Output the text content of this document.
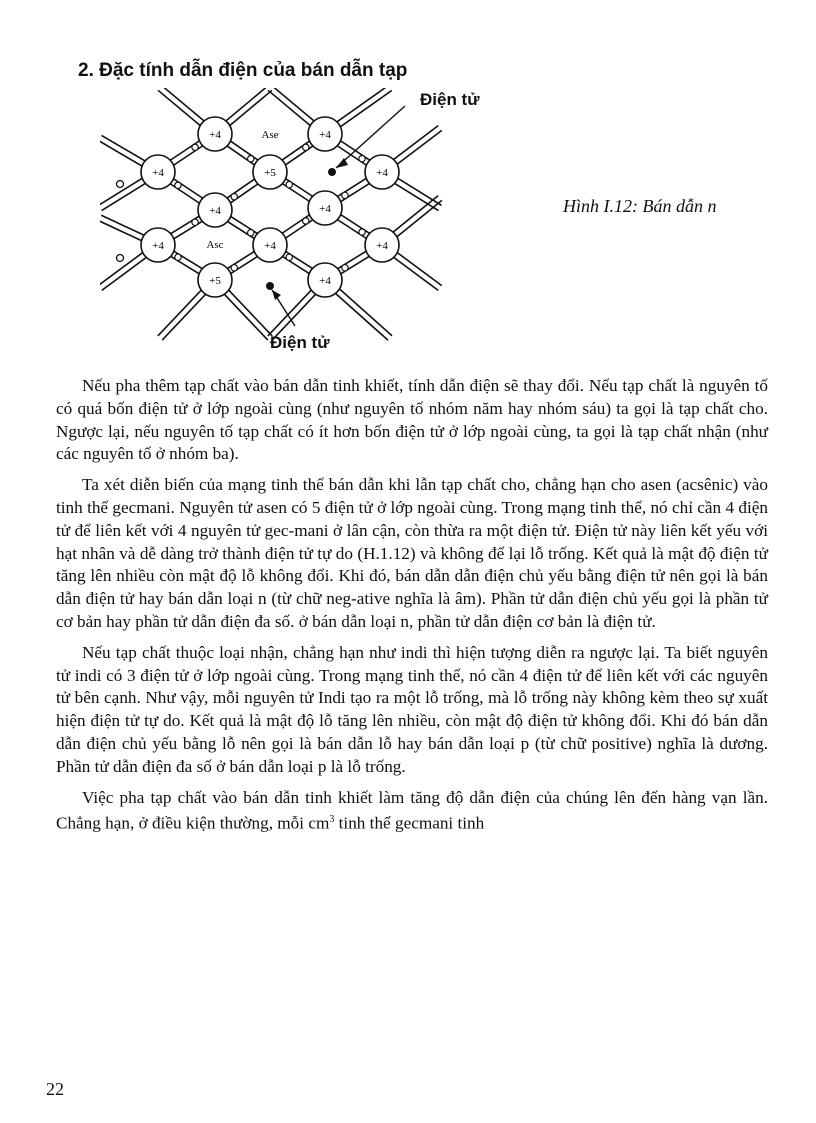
2. Đặc tính dẫn điện của bán dẫn tạp
+4	+4
+4	+5	+4
+4	+4
+4	+4	+4
+5	+4
Ase
Asc
Điện tử
Điện tử
Hình I.12: Bán dẫn n

Nếu pha thêm tạp chất vào bán dẫn tinh khiết, tính dẫn điện sẽ thay đổi. Nếu tạp chất là nguyên tố có quá bốn điện tử ở lớp ngoài cùng (như nguyên tố nhóm năm hay nhóm sáu) ta gọi là tạp chất cho. Ngược lại, nếu nguyên tố tạp chất có ít hơn bốn điện tử ở lớp ngoài cùng, ta gọi là tạp chất nhận (như các nguyên tố ở nhóm ba).

Ta xét diễn biến của mạng tinh thể bán dẫn khi lẫn tạp chất cho, chẳng hạn cho asen (acsênic) vào tinh thể gecmani. Nguyên tử asen có 5 điện tử ở lớp ngoài cùng. Trong mạng tinh thể, nó chỉ cần 4 điện tử để liên kết với 4 nguyên tử gec-mani ở lân cận, còn thừa ra một điện tử. Điện tử này liên kết yếu với hạt nhân và dễ dàng trở thành điện tử tự do (H.1.12) và không để lại lỗ trống. Kết quả là mật độ điện tử tăng lên nhiều còn mật độ lỗ không đổi. Khi đó, bán dẫn dẫn điện chủ yếu bằng điện tử nên gọi là bán dẫn điện tử hay bán dẫn loại n (từ chữ neg-ative nghĩa là âm). Phần tử dẫn điện chủ yếu gọi là phần tử cơ bản hay phần tử dẫn điện đa số. ở bán dẫn loại n, phần tử dẫn điện cơ bản là điện tử.

Nếu tạp chất thuộc loại nhận, chẳng hạn như indi thì hiện tượng diễn ra ngược lại. Ta biết nguyên tử indi có 3 điện tử ở lớp ngoài cùng. Trong mạng tinh thể, nó cần 4 điện tử để liên kết với các nguyên tử bên cạnh. Như vậy, mỗi nguyên tử Indi tạo ra một lỗ trống, mà lỗ trống này không kèm theo sự xuất hiện điện tử tự do. Kết quả là mật độ lỗ tăng lên nhiều, còn mật độ điện tử không đổi. Khi đó bán dẫn dẫn điện chủ yếu bằng lỗ nên gọi là bán dẫn lỗ hay bán dẫn loại p (từ chữ positive) nghĩa là dương. Phần tử dẫn điện đa số ở bán dẫn loại p là lỗ trống.

Việc pha tạp chất vào bán dẫn tinh khiết làm tăng độ dẫn điện của chúng lên đến hàng vạn lần. Chẳng hạn, ở điều kiện thường, mỗi $cm^3$ tinh thể gecmani tinh

22
